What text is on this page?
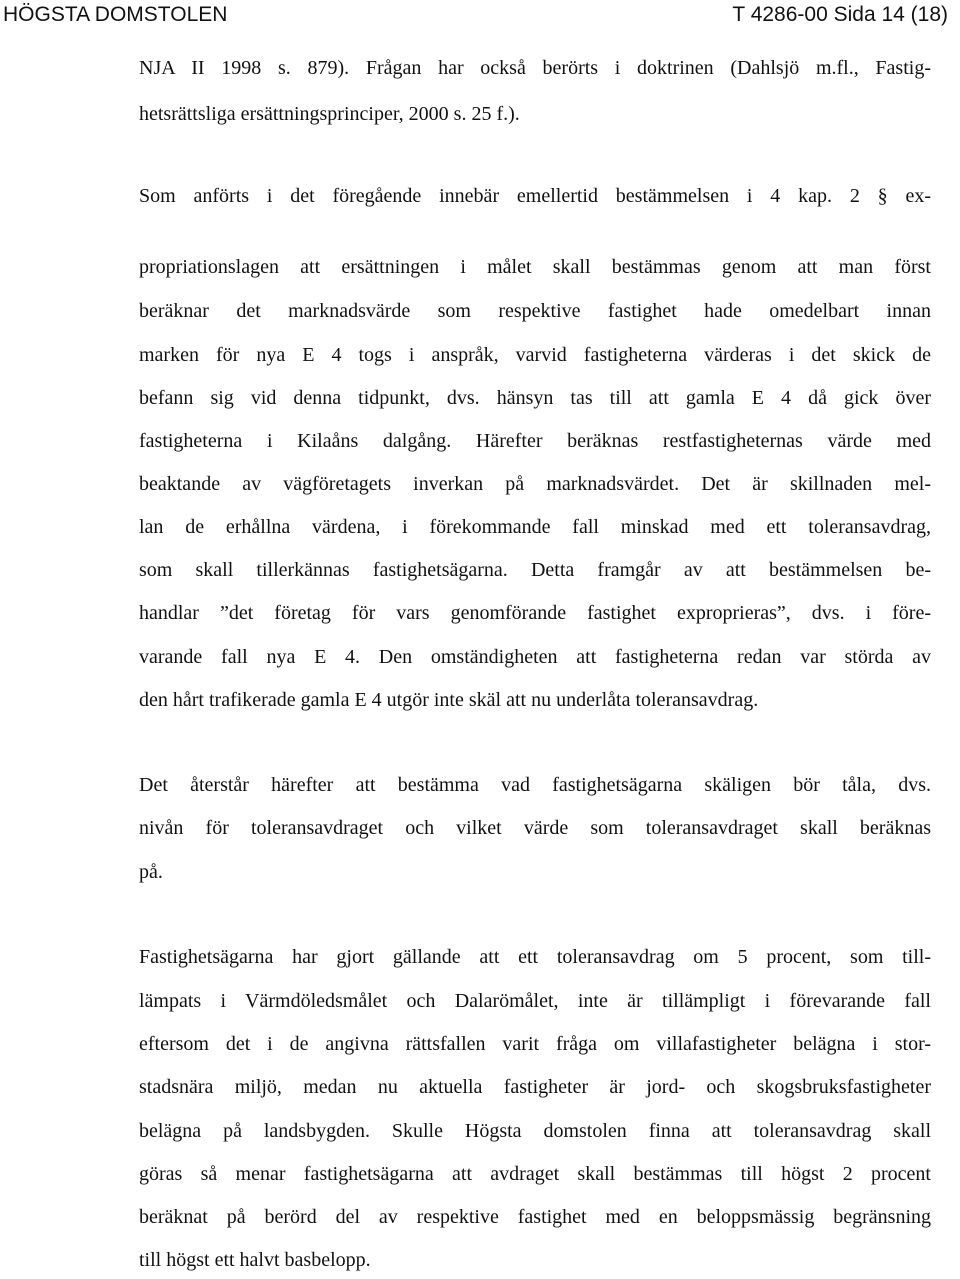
HÖGSTA DOMSTOLEN	T 4286-00 Sida 14 (18)
NJA II 1998 s. 879). Frågan har också berörts i doktrinen (Dahlsjö m.fl., Fastig-
hetsrättsliga ersättningsprinciper, 2000 s. 25 f.).
Som anförts i det föregående innebär emellertid bestämmelsen i 4 kap. 2 § ex-
propriationslagen att ersättningen i målet skall bestämmas genom att man först
beräknar det marknadsvärde som respektive fastighet hade omedelbart innan
marken för nya E 4 togs i anspråk, varvid fastigheterna värderas i det skick de
befann sig vid denna tidpunkt, dvs. hänsyn tas till att gamla E 4 då gick över
fastigheterna i Kilaåns dalgång. Härefter beräknas restfastigheternas värde med
beaktande av vägföretagets inverkan på marknadsvärdet. Det är skillnaden mel-
lan de erhållna värdena, i förekommande fall minskad med ett toleransavdrag,
som skall tillerkännas fastighetsägarna. Detta framgår av att bestämmelsen be-
handlar ”det företag för vars genomförande fastighet exproprieras”, dvs. i före-
varande fall nya E 4. Den omständigheten att fastigheterna redan var störda av
den hårt trafikerade gamla E 4 utgör inte skäl att nu underlåta toleransavdrag.
Det återstår härefter att bestämma vad fastighetsägarna skäligen bör tåla, dvs.
nivån för toleransavdraget och vilket värde som toleransavdraget skall beräknas
på.
Fastighetsägarna har gjort gällande att ett toleransavdrag om 5 procent, som till-
lämpats i Värmdöledsmålet och Dalarömålet, inte är tillämpligt i förevarande fall
eftersom det i de angivna rättsfallen varit fråga om villafastigheter belägna i stor-
stadsnära miljö, medan nu aktuella fastigheter är jord- och skogsbruksfastigheter
belägna på landsbygden. Skulle Högsta domstolen finna att toleransavdrag skall
göras så menar fastighetsägarna att avdraget skall bestämmas till högst 2 procent
beräknat på berörd del av respektive fastighet med en beloppsmässig begränsning
till högst ett halvt basbelopp.
